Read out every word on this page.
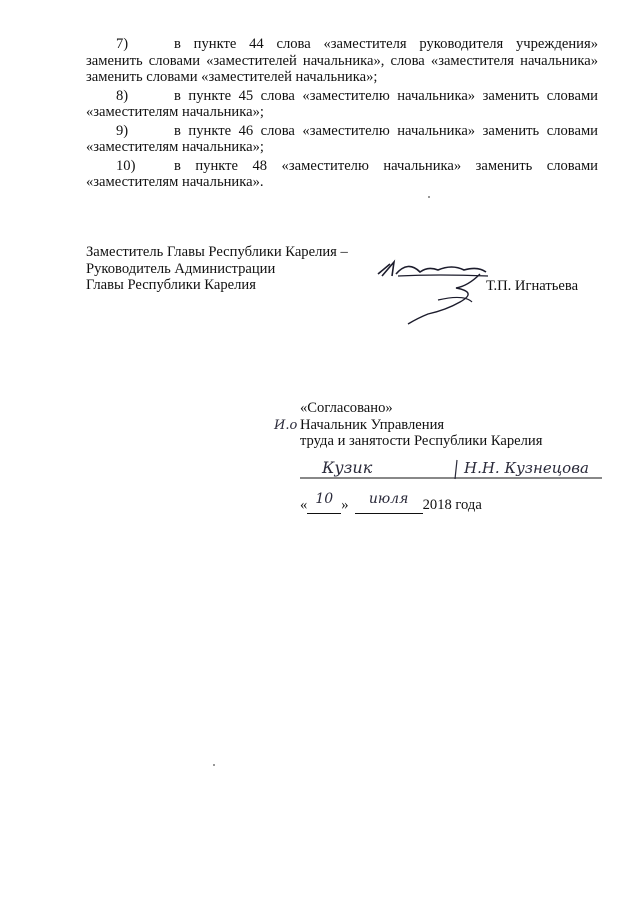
7)	в пункте 44 слова «заместителя руководителя учреждения» заменить словами «заместителей начальника», слова «заместителя начальника» заменить словами «заместителей начальника»;
8)	в пункте 45 слова «заместителю начальника» заменить словами «заместителям начальника»;
9)	в пункте 46 слова «заместителю начальника» заменить словами «заместителям начальника»;
10)	в пункте 48 «заместителю начальника» заменить словами «заместителям начальника».
Заместитель Главы Республики Карелия –
Руководитель Администрации
Главы Республики Карелия	Т.П. Игнатьева
«Согласовано»
Начальник Управления
труда и занятости Республики Карелия
И.о
Кузик	Н.Н. Кузнецова
« 10 » июля 2018 года
